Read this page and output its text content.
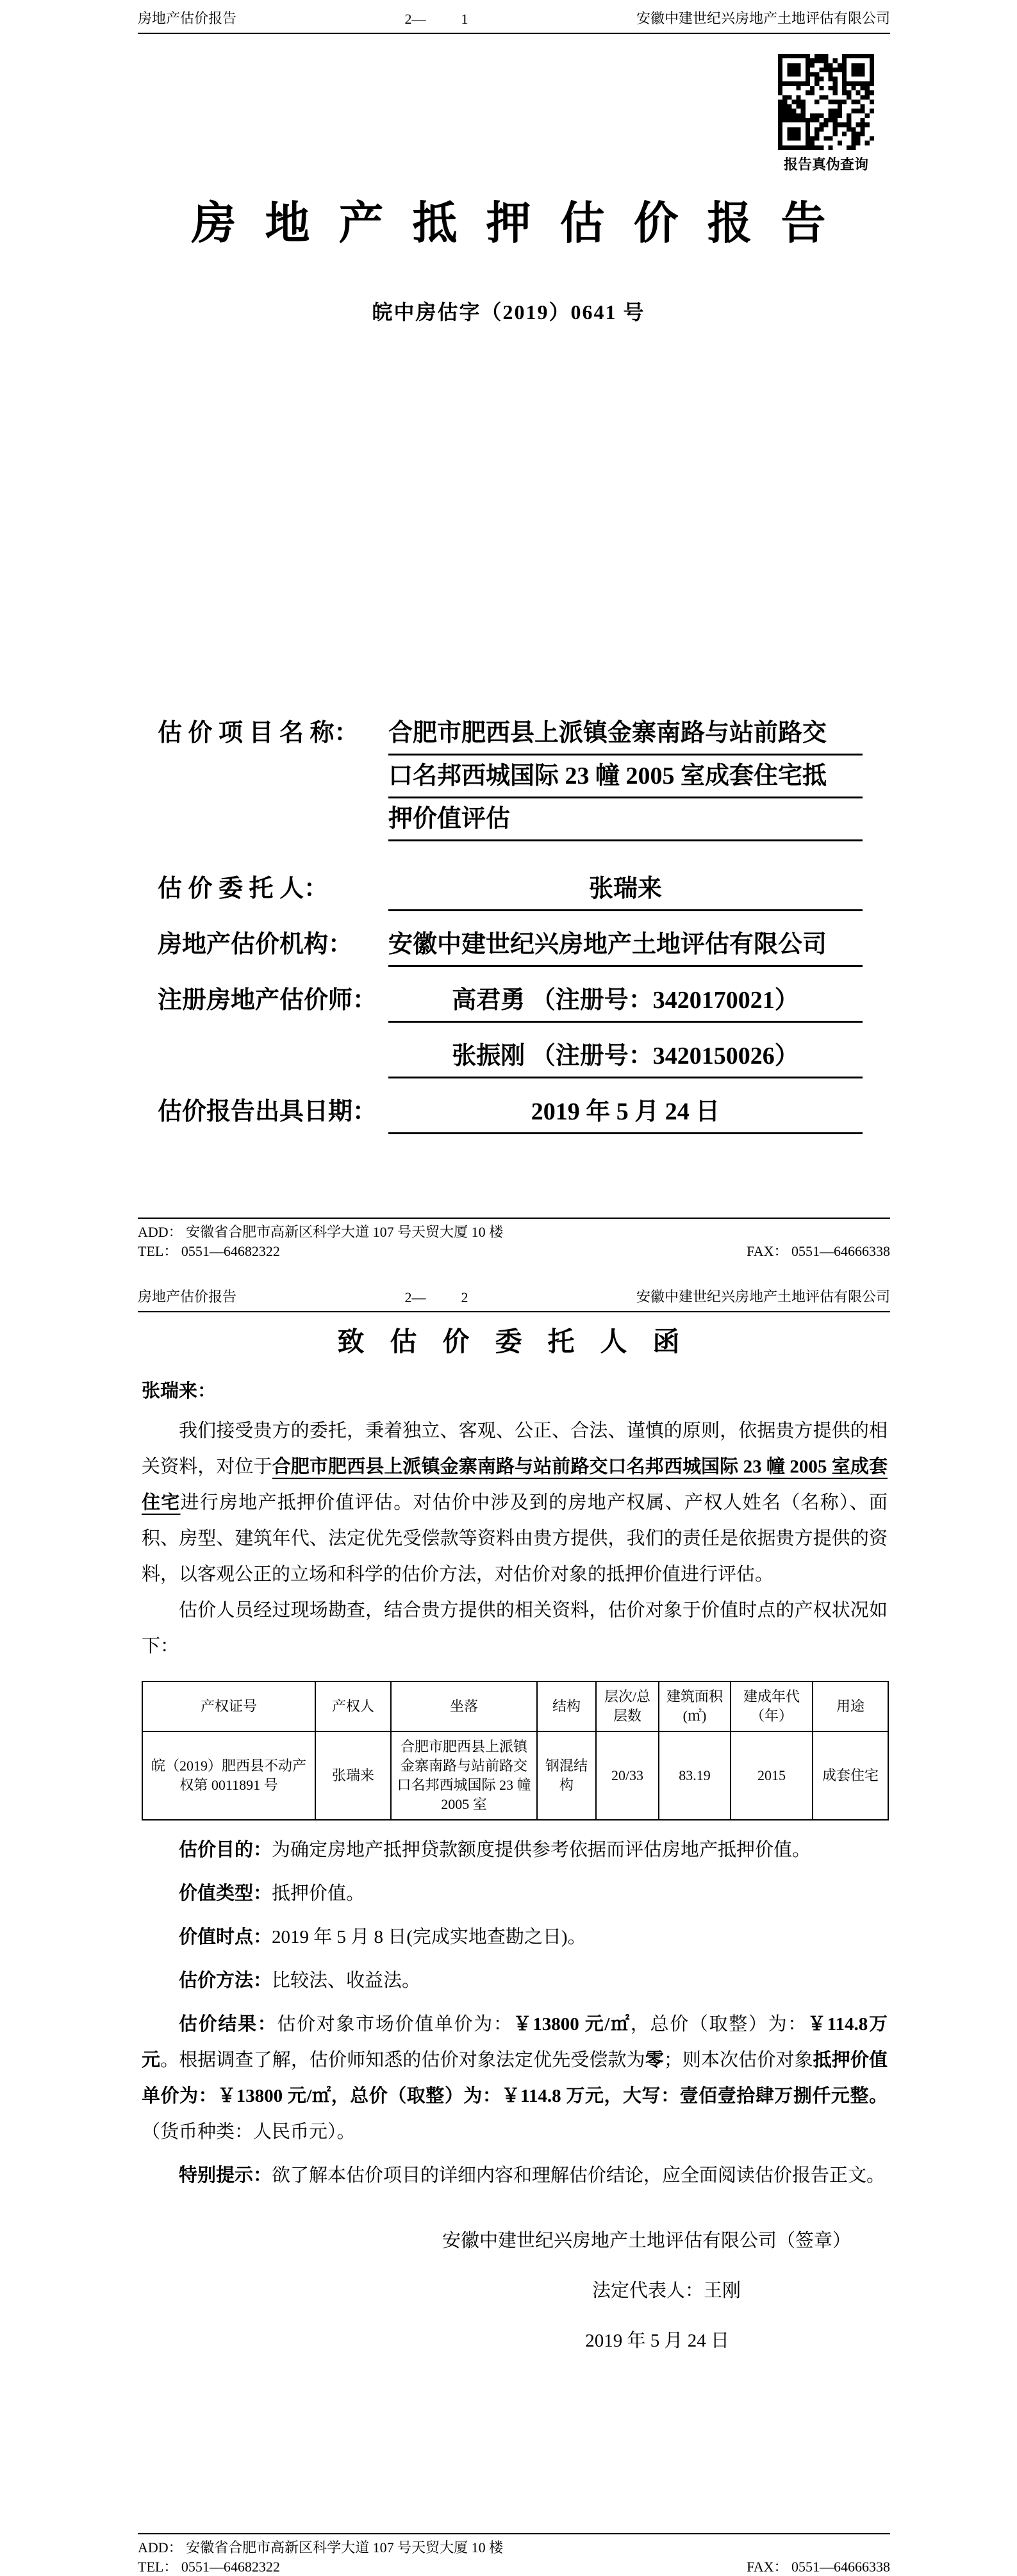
房地产估价报告	2—	1	安徽中建世纪兴房地产土地评估有限公司
报告真伪查询
房地产抵押估价报告
皖中房估字（2019）0641 号
估 价 项 目 名 称：	合肥市肥西县上派镇金寨南路与站前路交
口名邦西城国际 23 幢 2005 室成套住宅抵
押价值评估
估 价 委 托 人：	张瑞来
房地产估价机构：	安徽中建世纪兴房地产土地评估有限公司
注册房地产估价师：	高君勇 （注册号：3420170021）
张振刚 （注册号：3420150026）
估价报告出具日期：	2019 年 5 月 24 日
ADD： 安徽省合肥市高新区科学大道 107 号天贸大厦 10 楼
TEL： 0551—64682322	FAX： 0551—64666338
房地产估价报告	2—	2	安徽中建世纪兴房地产土地评估有限公司
致估价委托人函
张瑞来：
我们接受贵方的委托，秉着独立、客观、公正、合法、谨慎的原则，依据贵方提供的相关资料，对位于合肥市肥西县上派镇金寨南路与站前路交口名邦西城国际 23 幢 2005 室成套住宅进行房地产抵押价值评估。对估价中涉及到的房地产权属、产权人姓名（名称）、面积、房型、建筑年代、法定优先受偿款等资料由贵方提供，我们的责任是依据贵方提供的资料，以客观公正的立场和科学的估价方法，对估价对象的抵押价值进行评估。
估价人员经过现场勘查，结合贵方提供的相关资料，估价对象于价值时点的产权状况如下：
产权证号	产权人	坐落	结构	层次/总层数	建筑面积(㎡)	建成年代（年）	用途
皖（2019）肥西县不动产权第 0011891 号	张瑞来	合肥市肥西县上派镇金寨南路与站前路交口名邦西城国际 23 幢 2005 室	钢混结构	20/33	83.19	2015	成套住宅
估价目的：为确定房地产抵押贷款额度提供参考依据而评估房地产抵押价值。
价值类型：抵押价值。
价值时点：2019 年 5 月 8 日(完成实地查勘之日)。
估价方法：比较法、收益法。
估价结果：估价对象市场价值单价为：￥13800 元/㎡，总价（取整）为：￥114.8万元。根据调查了解，估价师知悉的估价对象法定优先受偿款为零；则本次估价对象抵押价值单价为：￥13800 元/㎡，总价（取整）为：￥114.8 万元，大写：壹佰壹拾肆万捌仟元整。（货币种类：人民币元）。
特别提示：欲了解本估价项目的详细内容和理解估价结论，应全面阅读估价报告正文。
安徽中建世纪兴房地产土地评估有限公司（签章）
法定代表人：王刚
2019 年 5 月 24 日
ADD： 安徽省合肥市高新区科学大道 107 号天贸大厦 10 楼
TEL： 0551—64682322	FAX： 0551—64666338
